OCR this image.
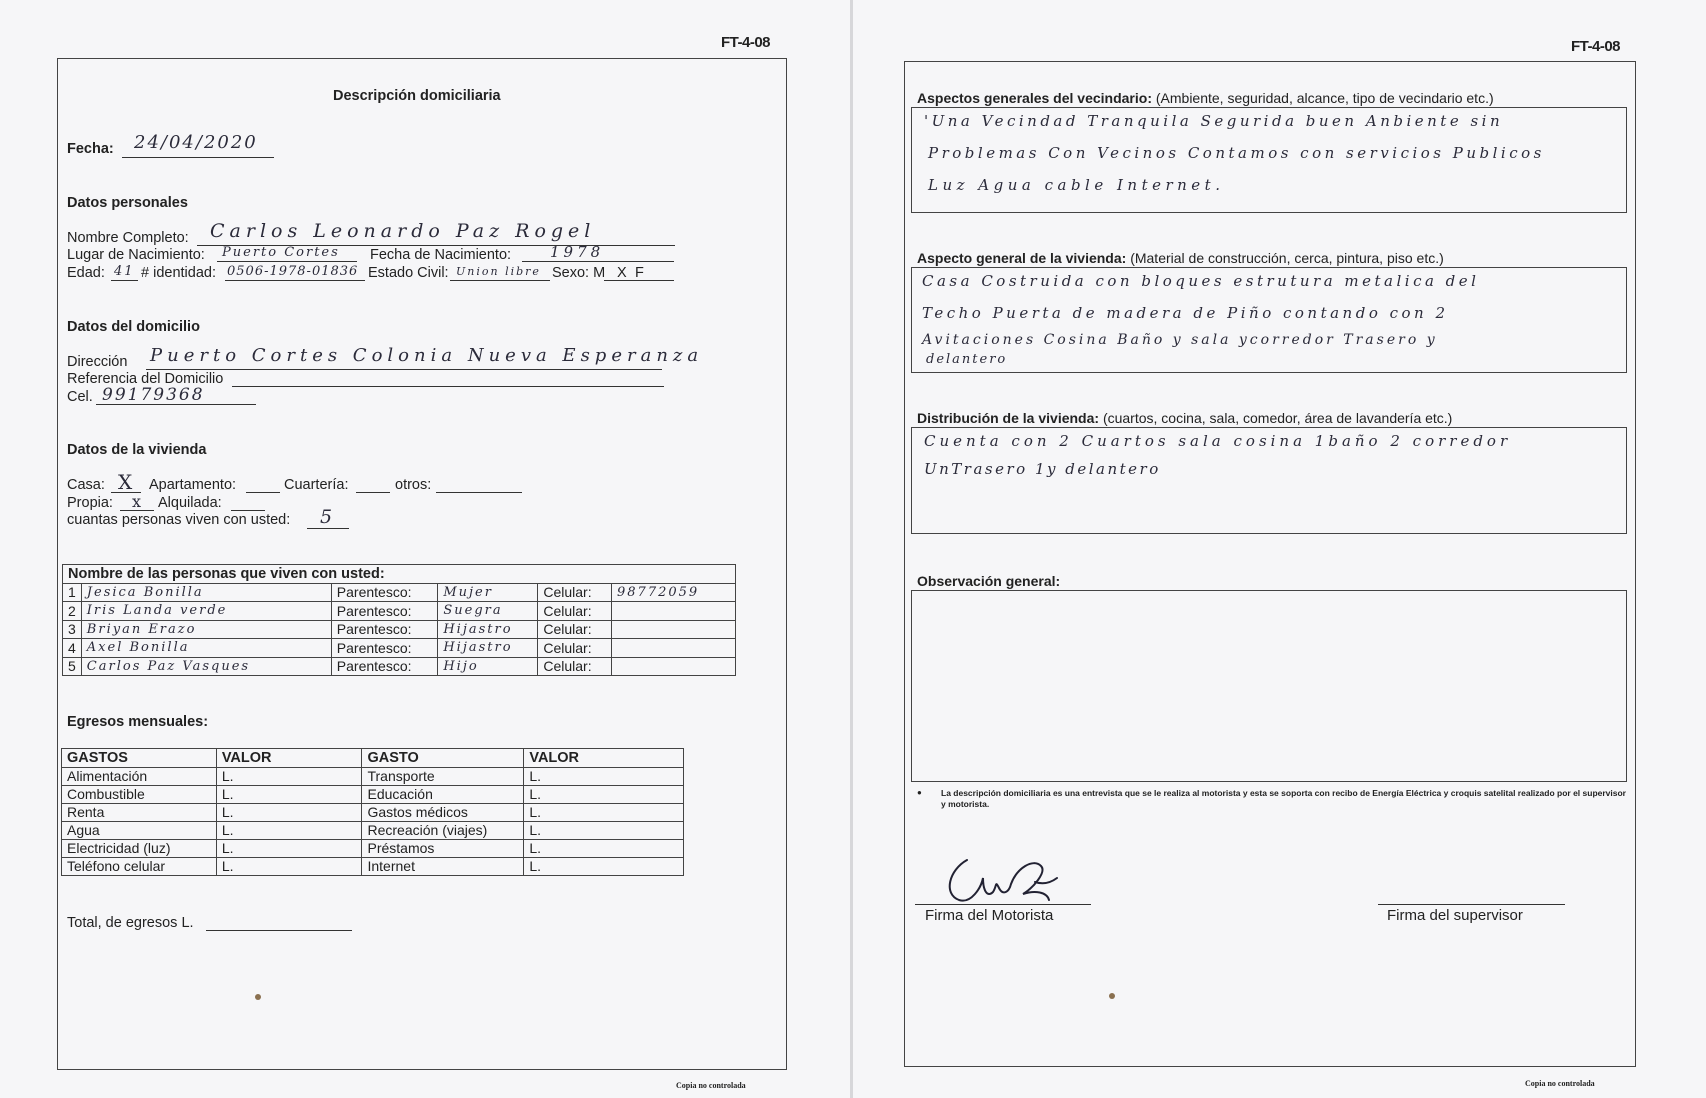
FT-4-08
Descripción domiciliaria
Fecha: 24/04/2020
Datos personales
Nombre Completo: Carlos Leonardo Paz Rogel
Lugar de Nacimiento: Puerto Cortes Fecha de Nacimiento:	1978
Edad: 41 # identidad: 0506-1978-01836 Estado Civil: Union libre Sexo: M X F
Datos del domicilio
Dirección Puerto Cortes Colonia Nueva Esperanza
Referencia del Domicilio
Cel. 99179368
Datos de la vivienda
Casa: X Apartamento:	Cuartería:	otros:
Propia: x Alquilada:
cuantas personas viven con usted: 5
Nombre de las personas que viven con usted:					
1	Jesica Bonilla	Parentesco:	Mujer	Celular:	98772059
2	Iris Landa verde	Parentesco:	Suegra	Celular:	
3	Briyan Erazo	Parentesco:	Hijastro	Celular:	
4	Axel Bonilla	Parentesco:	Hijastro	Celular:	
5	Carlos Paz Vasques	Parentesco:	Hijo	Celular:	
Egresos mensuales:
GASTOS	VALOR	GASTO	VALOR
Alimentación	L.	Transporte	L.
Combustible	L.	Educación	L.
Renta	L.	Gastos médicos	L.
Agua	L.	Recreación (viajes)	L.
Electricidad (luz)	L.	Préstamos	L.
Teléfono celular	L.	Internet	L.
Total, de egresos L.
Copia no controlada
FT-4-08
Aspectos generales del vecindario: (Ambiente, seguridad, alcance, tipo de vecindario etc.)
'Una Vecindad Tranquila Segurida buen Anbiente sin
Problemas Con Vecinos Contamos con servicios Publicos
Luz Agua cable Internet.
Aspecto general de la vivienda: (Material de construcción, cerca, pintura, piso etc.)
Casa Costruida con bloques estrutura metalica del
Techo Puerta de madera de Piño contando con 2
Avitaciones Cosina Baño y sala ycorredor Trasero y
delantero
Distribución de la vivienda: (cuartos, cocina, sala, comedor, área de lavandería etc.)
Cuenta con 2 Cuartos sala cosina 1baño 2 corredor
UnTrasero 1y delantero
Observación general:
● La descripción domiciliaria es una entrevista que se le realiza al motorista y esta se soporta con recibo de Energía Eléctrica y croquis satelital realizado por el supervisor y motorista.
Firma del Motorista	Firma del supervisor
Copia no controlada
